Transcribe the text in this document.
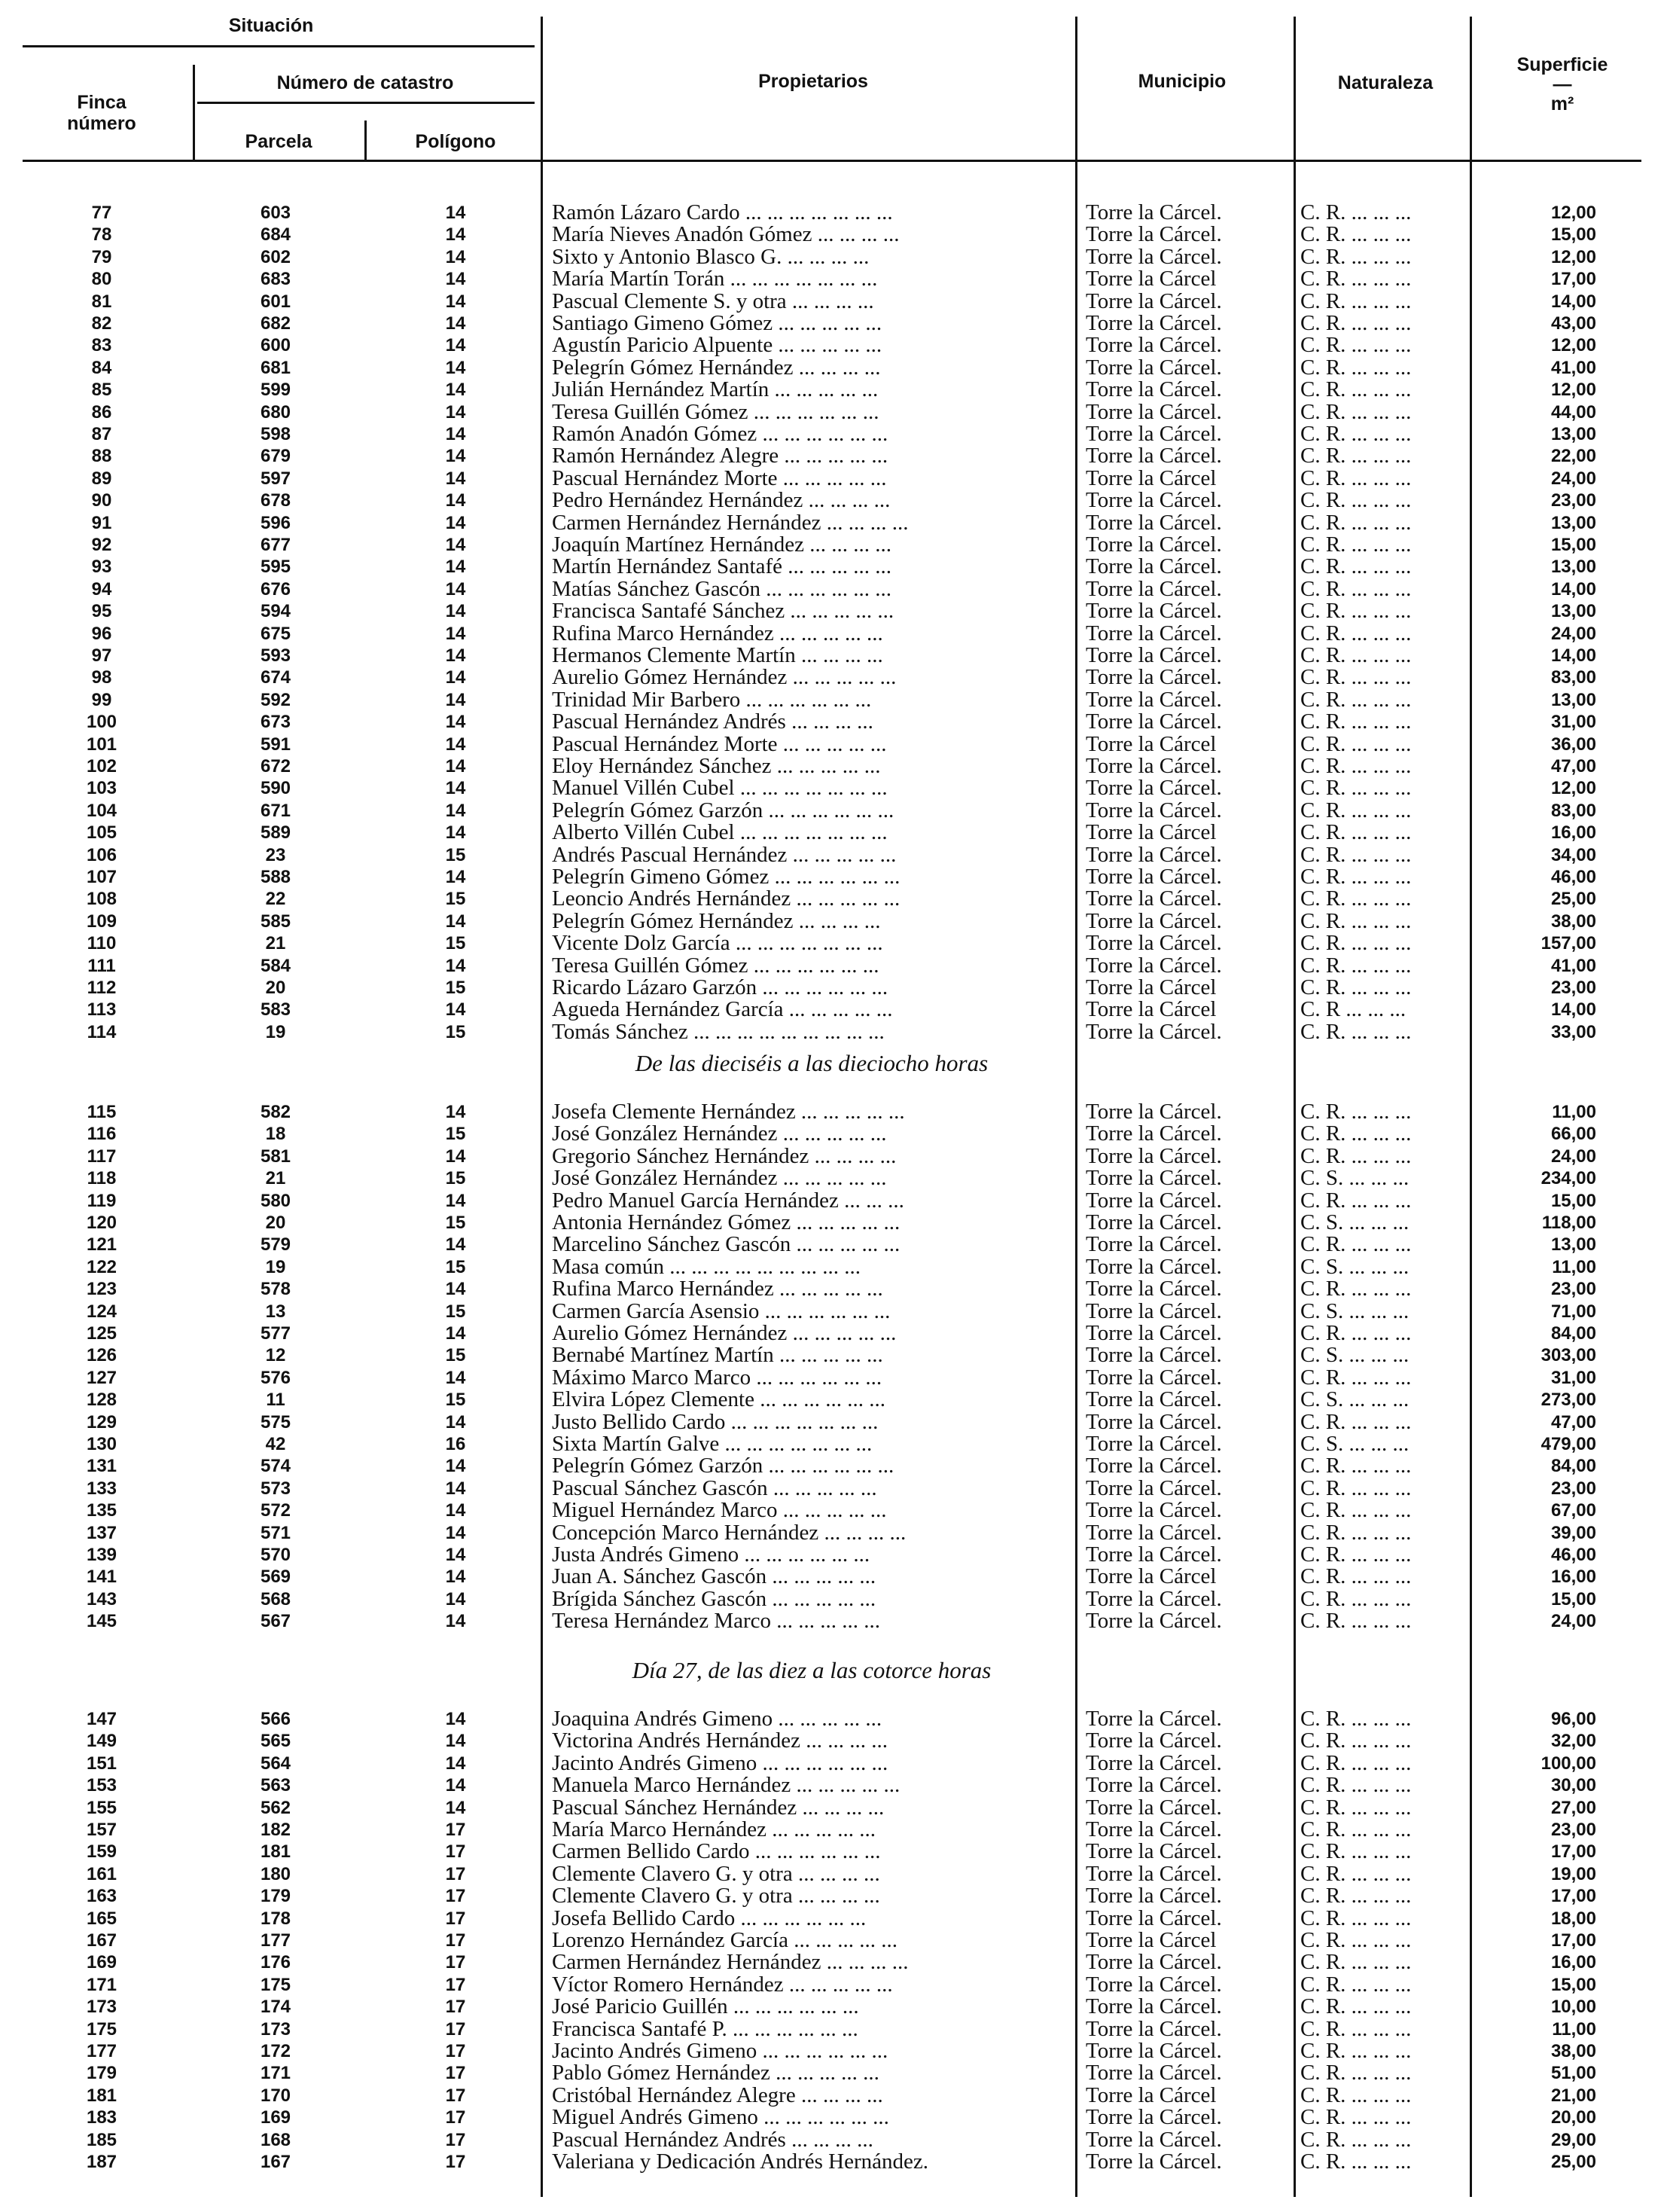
Situación
Finca
número
Número de catastro
Parcela	Polígono
Propietarios	Municipio	Naturaleza
Superficie
—
m²
77	603	14	Ramón Lázaro Cardo ... ... ... ... ... ... ...	Torre la Cárcel.	C. R. ... ... ...	12,00
78	684	14	María Nieves Anadón Gómez ... ... ... ...	Torre la Cárcel.	C. R. ... ... ...	15,00
79	602	14	Sixto y Antonio Blasco G. ... ... ... ...	Torre la Cárcel.	C. R. ... ... ...	12,00
80	683	14	María Martín Torán ... ... ... ... ... ... ...	Torre la Cárcel	C. R. ... ... ...	17,00
81	601	14	Pascual Clemente S. y otra ... ... ... ...	Torre la Cárcel.	C. R. ... ... ...	14,00
82	682	14	Santiago Gimeno Gómez ... ... ... ... ...	Torre la Cárcel.	C. R. ... ... ...	43,00
83	600	14	Agustín Paricio Alpuente ... ... ... ... ...	Torre la Cárcel.	C. R. ... ... ...	12,00
84	681	14	Pelegrín Gómez Hernández ... ... ... ...	Torre la Cárcel.	C. R. ... ... ...	41,00
85	599	14	Julián Hernández Martín ... ... ... ... ...	Torre la Cárcel.	C. R. ... ... ...	12,00
86	680	14	Teresa Guillén Gómez ... ... ... ... ... ...	Torre la Cárcel.	C. R. ... ... ...	44,00
87	598	14	Ramón Anadón Gómez ... ... ... ... ... ...	Torre la Cárcel.	C. R. ... ... ...	13,00
88	679	14	Ramón Hernández Alegre ... ... ... ... ...	Torre la Cárcel.	C. R. ... ... ...	22,00
89	597	14	Pascual Hernández Morte ... ... ... ... ...	Torre la Cárcel	C. R. ... ... ...	24,00
90	678	14	Pedro Hernández Hernández ... ... ... ...	Torre la Cárcel.	C. R. ... ... ...	23,00
91	596	14	Carmen Hernández Hernández ... ... ... ...	Torre la Cárcel.	C. R. ... ... ...	13,00
92	677	14	Joaquín Martínez Hernández ... ... ... ...	Torre la Cárcel.	C. R. ... ... ...	15,00
93	595	14	Martín Hernández Santafé ... ... ... ... ...	Torre la Cárcel.	C. R. ... ... ...	13,00
94	676	14	Matías Sánchez Gascón ... ... ... ... ... ...	Torre la Cárcel.	C. R. ... ... ...	14,00
95	594	14	Francisca Santafé Sánchez ... ... ... ... ...	Torre la Cárcel.	C. R. ... ... ...	13,00
96	675	14	Rufina Marco Hernández ... ... ... ... ...	Torre la Cárcel.	C. R. ... ... ...	24,00
97	593	14	Hermanos Clemente Martín ... ... ... ...	Torre la Cárcel.	C. R. ... ... ...	14,00
98	674	14	Aurelio Gómez Hernández ... ... ... ... ...	Torre la Cárcel.	C. R. ... ... ...	83,00
99	592	14	Trinidad Mir Barbero ... ... ... ... ... ...	Torre la Cárcel.	C. R. ... ... ...	13,00
100	673	14	Pascual Hernández Andrés ... ... ... ...	Torre la Cárcel.	C. R. ... ... ...	31,00
101	591	14	Pascual Hernández Morte ... ... ... ... ...	Torre la Cárcel	C. R. ... ... ...	36,00
102	672	14	Eloy Hernández Sánchez ... ... ... ... ...	Torre la Cárcel.	C. R. ... ... ...	47,00
103	590	14	Manuel Villén Cubel ... ... ... ... ... ... ...	Torre la Cárcel.	C. R. ... ... ...	12,00
104	671	14	Pelegrín Gómez Garzón ... ... ... ... ... ...	Torre la Cárcel.	C. R. ... ... ...	83,00
105	589	14	Alberto Villén Cubel ... ... ... ... ... ... ...	Torre la Cárcel	C. R. ... ... ...	16,00
106	23	15	Andrés Pascual Hernández ... ... ... ... ...	Torre la Cárcel.	C. R. ... ... ...	34,00
107	588	14	Pelegrín Gimeno Gómez ... ... ... ... ... ...	Torre la Cárcel.	C. R. ... ... ...	46,00
108	22	15	Leoncio Andrés Hernández ... ... ... ... ...	Torre la Cárcel.	C. R. ... ... ...	25,00
109	585	14	Pelegrín Gómez Hernández ... ... ... ...	Torre la Cárcel.	C. R. ... ... ...	38,00
110	21	15	Vicente Dolz García ... ... ... ... ... ... ...	Torre la Cárcel.	C. R. ... ... ...	157,00
111	584	14	Teresa Guillén Gómez ... ... ... ... ... ...	Torre la Cárcel.	C. R. ... ... ...	41,00
112	20	15	Ricardo Lázaro Garzón ... ... ... ... ... ...	Torre la Cárcel	C. R. ... ... ...	23,00
113	583	14	Agueda Hernández García ... ... ... ... ...	Torre la Cárcel	C. R ... ... ...	14,00
114	19	15	Tomás Sánchez ... ... ... ... ... ... ... ... ...	Torre la Cárcel.	C. R. ... ... ...	33,00
De las dieciséis a las dieciocho horas
115	582	14	Josefa Clemente Hernández ... ... ... ... ...	Torre la Cárcel.	C. R. ... ... ...	11,00
116	18	15	José González Hernández ... ... ... ... ...	Torre la Cárcel.	C. R. ... ... ...	66,00
117	581	14	Gregorio Sánchez Hernández ... ... ... ...	Torre la Cárcel.	C. R. ... ... ...	24,00
118	21	15	José González Hernández ... ... ... ... ...	Torre la Cárcel.	C. S. ... ... ...	234,00
119	580	14	Pedro Manuel García Hernández ... ... ...	Torre la Cárcel.	C. R. ... ... ...	15,00
120	20	15	Antonia Hernández Gómez ... ... ... ... ...	Torre la Cárcel.	C. S. ... ... ...	118,00
121	579	14	Marcelino Sánchez Gascón ... ... ... ... ...	Torre la Cárcel.	C. R. ... ... ...	13,00
122	19	15	Masa común ... ... ... ... ... ... ... ... ...	Torre la Cárcel.	C. S. ... ... ...	11,00
123	578	14	Rufina Marco Hernández ... ... ... ... ...	Torre la Cárcel.	C. R. ... ... ...	23,00
124	13	15	Carmen García Asensio ... ... ... ... ... ...	Torre la Cárcel.	C. S. ... ... ...	71,00
125	577	14	Aurelio Gómez Hernández ... ... ... ... ...	Torre la Cárcel.	C. R. ... ... ...	84,00
126	12	15	Bernabé Martínez Martín ... ... ... ... ...	Torre la Cárcel.	C. S. ... ... ...	303,00
127	576	14	Máximo Marco Marco ... ... ... ... ... ...	Torre la Cárcel.	C. R. ... ... ...	31,00
128	11	15	Elvira López Clemente ... ... ... ... ... ...	Torre la Cárcel.	C. S. ... ... ...	273,00
129	575	14	Justo Bellido Cardo ... ... ... ... ... ... ...	Torre la Cárcel.	C. R. ... ... ...	47,00
130	42	16	Sixta Martín Galve ... ... ... ... ... ... ...	Torre la Cárcel.	C. S. ... ... ...	479,00
131	574	14	Pelegrín Gómez Garzón ... ... ... ... ... ...	Torre la Cárcel.	C. R. ... ... ...	84,00
133	573	14	Pascual Sánchez Gascón ... ... ... ... ...	Torre la Cárcel.	C. R. ... ... ...	23,00
135	572	14	Miguel Hernández Marco ... ... ... ... ...	Torre la Cárcel.	C. R. ... ... ...	67,00
137	571	14	Concepción Marco Hernández ... ... ... ...	Torre la Cárcel.	C. R. ... ... ...	39,00
139	570	14	Justa Andrés Gimeno ... ... ... ... ... ...	Torre la Cárcel.	C. R. ... ... ...	46,00
141	569	14	Juan A. Sánchez Gascón ... ... ... ... ...	Torre la Cárcel	C. R. ... ... ...	16,00
143	568	14	Brígida Sánchez Gascón ... ... ... ... ...	Torre la Cárcel.	C. R. ... ... ...	15,00
145	567	14	Teresa Hernández Marco ... ... ... ... ...	Torre la Cárcel.	C. R. ... ... ...	24,00
Día 27, de las diez a las cotorce horas
147	566	14	Joaquina Andrés Gimeno ... ... ... ... ...	Torre la Cárcel.	C. R. ... ... ...	96,00
149	565	14	Victorina Andrés Hernández ... ... ... ...	Torre la Cárcel.	C. R. ... ... ...	32,00
151	564	14	Jacinto Andrés Gimeno ... ... ... ... ... ...	Torre la Cárcel.	C. R. ... ... ...	100,00
153	563	14	Manuela Marco Hernández ... ... ... ... ...	Torre la Cárcel.	C. R. ... ... ...	30,00
155	562	14	Pascual Sánchez Hernández ... ... ... ...	Torre la Cárcel.	C. R. ... ... ...	27,00
157	182	17	María Marco Hernández ... ... ... ... ...	Torre la Cárcel.	C. R. ... ... ...	23,00
159	181	17	Carmen Bellido Cardo ... ... ... ... ... ...	Torre la Cárcel.	C. R. ... ... ...	17,00
161	180	17	Clemente Clavero G. y otra ... ... ... ...	Torre la Cárcel.	C. R. ... ... ...	19,00
163	179	17	Clemente Clavero G. y otra ... ... ... ...	Torre la Cárcel.	C. R. ... ... ...	17,00
165	178	17	Josefa Bellido Cardo ... ... ... ... ... ...	Torre la Cárcel.	C. R. ... ... ...	18,00
167	177	17	Lorenzo Hernández García ... ... ... ... ...	Torre la Cárcel	C. R. ... ... ...	17,00
169	176	17	Carmen Hernández Hernández ... ... ... ...	Torre la Cárcel.	C. R. ... ... ...	16,00
171	175	17	Víctor Romero Hernández ... ... ... ... ...	Torre la Cárcel.	C. R. ... ... ...	15,00
173	174	17	José Paricio Guillén ... ... ... ... ... ...	Torre la Cárcel.	C. R. ... ... ...	10,00
175	173	17	Francisca Santafé P. ... ... ... ... ... ...	Torre la Cárcel.	C. R. ... ... ...	11,00
177	172	17	Jacinto Andrés Gimeno ... ... ... ... ... ...	Torre la Cárcel.	C. R. ... ... ...	38,00
179	171	17	Pablo Gómez Hernández ... ... ... ... ...	Torre la Cárcel.	C. R. ... ... ...	51,00
181	170	17	Cristóbal Hernández Alegre ... ... ... ...	Torre la Cárcel	C. R. ... ... ...	21,00
183	169	17	Miguel Andrés Gimeno ... ... ... ... ... ...	Torre la Cárcel.	C. R. ... ... ...	20,00
185	168	17	Pascual Hernández Andrés ... ... ... ...	Torre la Cárcel.	C. R. ... ... ...	29,00
187	167	17	Valeriana y Dedicación Andrés Hernández.	Torre la Cárcel.	C. R. ... ... ...	25,00
